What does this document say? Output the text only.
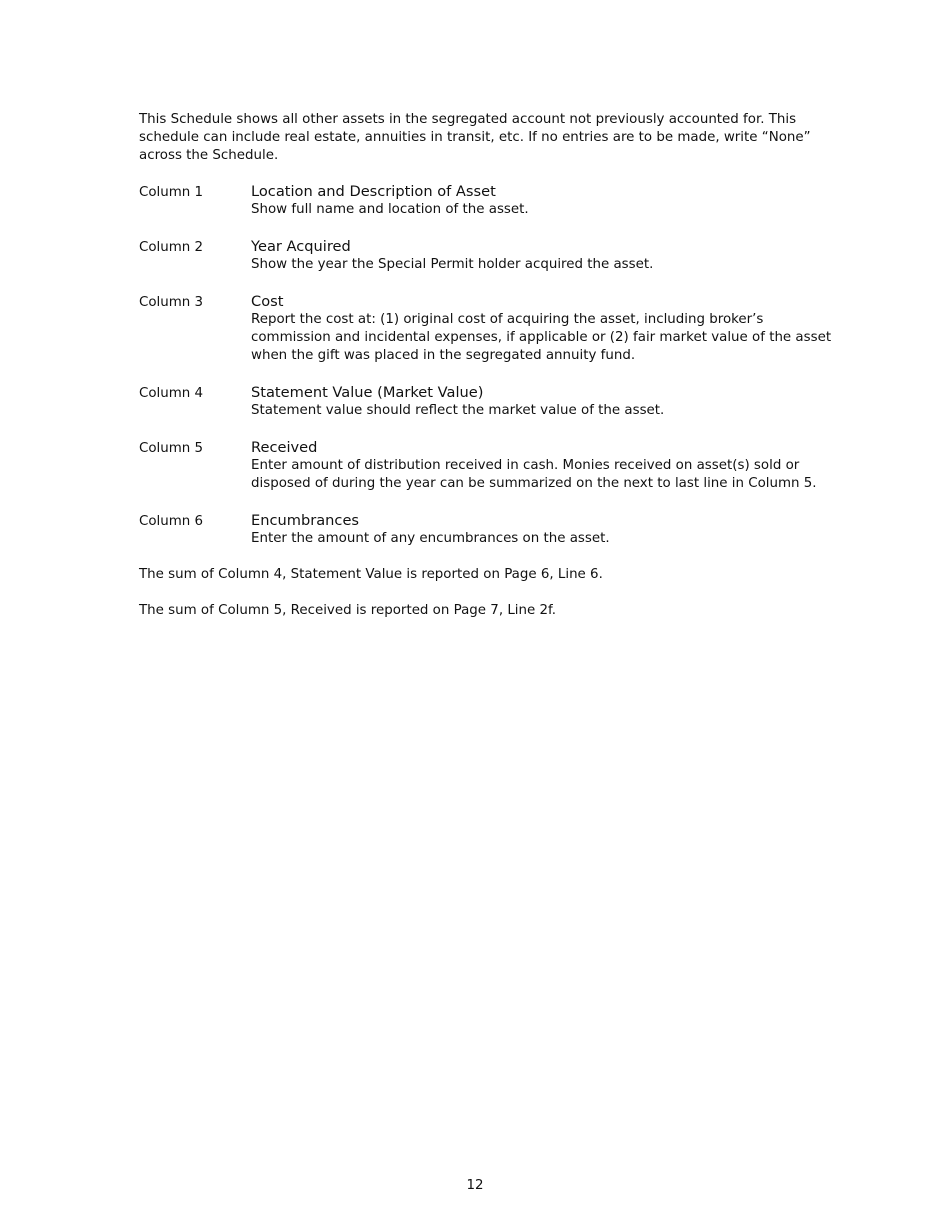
This Schedule shows all other assets in the segregated account not previously accounted for. This schedule can include real estate, annuities in transit, etc. If no entries are to be made, write “None” across the Schedule.

Column 1	Location and Description of Asset
Show full name and location of the asset.
Column 2	Year Acquired
Show the year the Special Permit holder acquired the asset.
Column 3	Cost
Report the cost at: (1) original cost of acquiring the asset, including broker’s commission and incidental expenses, if applicable or (2) fair market value of the asset when the gift was placed in the segregated annuity fund.
Column 4	Statement Value (Market Value)
Statement value should reflect the market value of the asset.
Column 5	Received
Enter amount of distribution received in cash. Monies received on asset(s) sold or disposed of during the year can be summarized on the next to last line in Column 5.
Column 6	Encumbrances
Enter the amount of any encumbrances on the asset.

The sum of Column 4, Statement Value is reported on Page 6, Line 6.

The sum of Column 5, Received is reported on Page 7, Line 2f.

12
